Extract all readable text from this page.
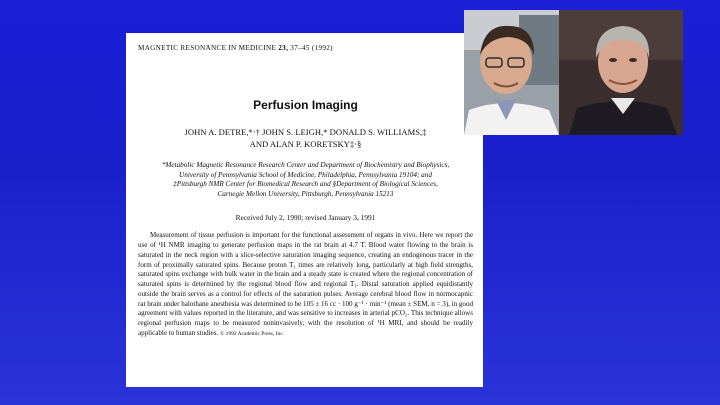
MAGNETIC RESONANCE IN MEDICINE 23, 37–45 (1992)
Perfusion Imaging
JOHN A. DETRE,*·† JOHN S. LEIGH,* DONALD S. WILLIAMS,‡
AND ALAN P. KORETSKY‡·§
*Metabolic Magnetic Resonance Research Center and Department of Biochemistry and Biophysics,
University of Pennsylvania School of Medicine, Philadelphia, Pennsylvania 19104; and
‡Pittsburgh NMR Center for Biomedical Research and §Department of Biological Sciences,
Carnegie Mellon University, Pittsburgh, Pennsylvania 15213
Received July 2, 1990; revised January 3, 1991
Measurement of tissue perfusion is important for the functional assessment of organs in vivo. Here we report the use of ¹H NMR imaging to generate perfusion maps in the rat brain at 4.7 T. Blood water flowing to the brain is saturated in the neck region with a slice-selective saturation imaging sequence, creating an endogenous tracer in the form of proximally saturated spins. Because proton T₁ times are relatively long, particularly at high field strengths, saturated spins exchange with bulk water in the brain and a steady state is created where the regional concentration of saturated spins is determined by the regional blood flow and regional T₁. Distal saturation applied equidistantly outside the brain serves as a control for effects of the saturation pulses. Average cerebral blood flow in normocapnic rat brain under halothane anesthesia was determined to be 105 ± 16 cc · 100 g⁻¹ · min⁻¹ (mean ± SEM, n = 3), in good agreement with values reported in the literature, and was sensitive to increases in arterial pCO₂. This technique allows regional perfusion maps to be measured noninvasively, with the resolution of ¹H MRI, and should be readily applicable to human studies. © 1992 Academic Press, Inc.
